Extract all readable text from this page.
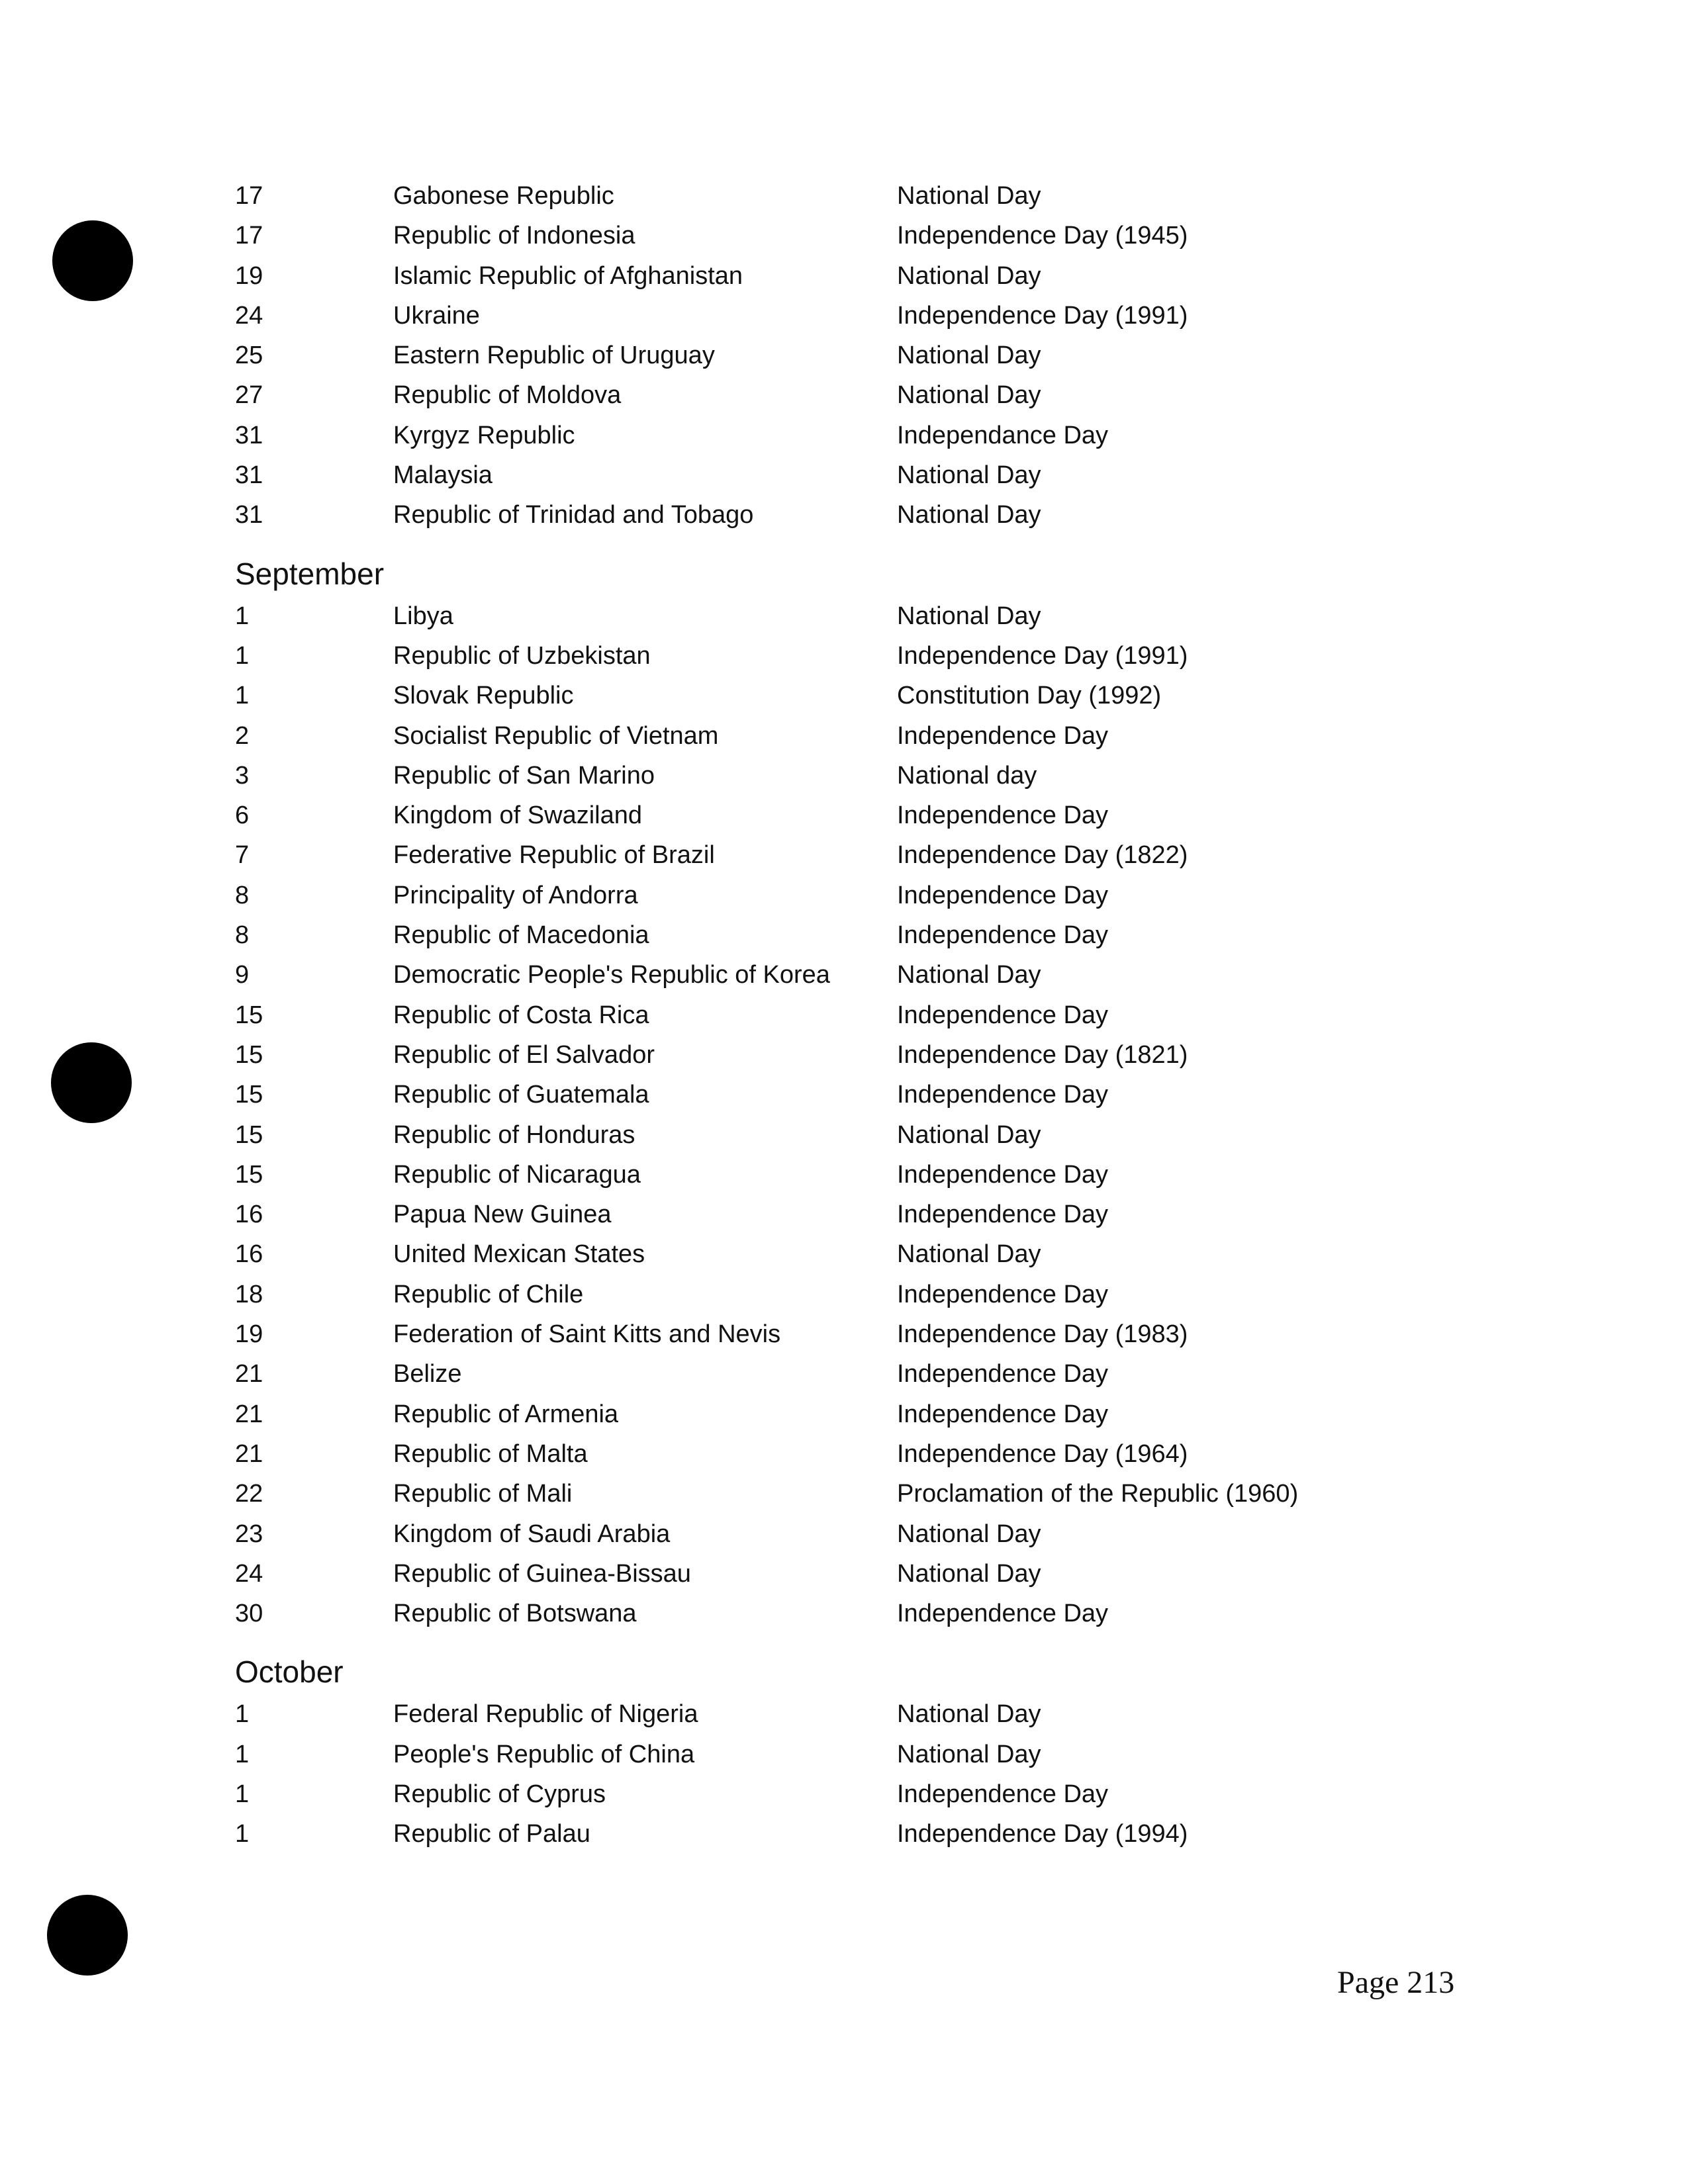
17	Gabonese Republic	National Day
17	Republic of Indonesia	Independence Day (1945)
19	Islamic Republic of Afghanistan	National Day
24	Ukraine	Independence Day (1991)
25	Eastern Republic of Uruguay	National Day
27	Republic of Moldova	National Day
31	Kyrgyz Republic	Independance Day
31	Malaysia	National Day
31	Republic of Trinidad and Tobago	National Day
September
1	Libya	National Day
1	Republic of Uzbekistan	Independence Day (1991)
1	Slovak Republic	Constitution Day (1992)
2	Socialist Republic of Vietnam	Independence Day
3	Republic of San Marino	National day
6	Kingdom of Swaziland	Independence Day
7	Federative Republic of Brazil	Independence Day (1822)
8	Principality of Andorra	Independence Day
8	Republic of Macedonia	Independence Day
9	Democratic People's Republic of Korea	National Day
15	Republic of Costa Rica	Independence Day
15	Republic of El Salvador	Independence Day (1821)
15	Republic of Guatemala	Independence Day
15	Republic of Honduras	National Day
15	Republic of Nicaragua	Independence Day
16	Papua New Guinea	Independence Day
16	United Mexican States	National Day
18	Republic of Chile	Independence Day
19	Federation of Saint Kitts and Nevis	Independence Day (1983)
21	Belize	Independence Day
21	Republic of Armenia	Independence Day
21	Republic of Malta	Independence Day (1964)
22	Republic of Mali	Proclamation of the Republic (1960)
23	Kingdom of Saudi Arabia	National Day
24	Republic of Guinea-Bissau	National Day
30	Republic of Botswana	Independence Day
October
1	Federal Republic of Nigeria	National Day
1	People's Republic of China	National Day
1	Republic of Cyprus	Independence Day
1	Republic of Palau	Independence Day (1994)
Page 213
